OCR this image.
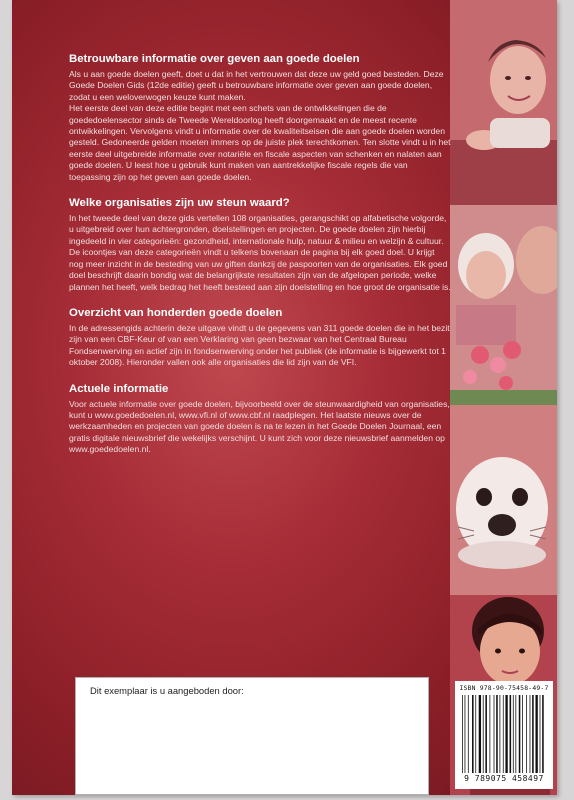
Betrouwbare informatie over geven aan goede doelen

Als u aan goede doelen geeft, doet u dat in het vertrouwen dat deze uw geld goed besteden. Deze Goede Doelen Gids (12de editie) geeft u betrouwbare informatie over geven aan goede doelen, zodat u een weloverwogen keuze kunt maken.

Het eerste deel van deze editie begint met een schets van de ontwikkelingen die de goededoelensector sinds de Tweede Wereldoorlog heeft doorgemaakt en de meest recente ontwikkelingen. Vervolgens vindt u informatie over de kwaliteitseisen die aan goede doelen worden gesteld. Gedoneerde gelden moeten immers op de juiste plek terechtkomen. Ten slotte vindt u in het eerste deel uitgebreide informatie over notariële en fiscale aspecten van schenken en nalaten aan goede doelen. U leest hoe u gebruik kunt maken van aantrekkelijke fiscale regels die van toepassing zijn op het geven aan goede doelen.

Welke organisaties zijn uw steun waard?

In het tweede deel van deze gids vertellen 108 organisaties, gerangschikt op alfabetische volgorde, u uitgebreid over hun achtergronden, doelstellingen en projecten. De goede doelen zijn hierbij ingedeeld in vier categorieën: gezondheid, internationale hulp, natuur & milieu en welzijn & cultuur. De icoontjes van deze categorieën vindt u telkens bovenaan de pagina bij elk goed doel. U krijgt nog meer inzicht in de besteding van uw giften dankzij de paspoorten van de organisaties. Elk goed doel beschrijft daarin bondig wat de belangrijkste resultaten zijn van de afgelopen periode, welke plannen het heeft, welk bedrag het heeft besteed aan zijn doelstelling en hoe groot de organisatie is.

Overzicht van honderden goede doelen

In de adressengids achterin deze uitgave vindt u de gegevens van 311 goede doelen die in het bezit zijn van een CBF-Keur of van een Verklaring van geen bezwaar van het Centraal Bureau Fondsenwerving en actief zijn in fondsenwerving onder het publiek (de informatie is bijgewerkt tot 1 oktober 2008). Hieronder vallen ook alle organisaties die lid zijn van de VFI.

Actuele informatie

Voor actuele informatie over goede doelen, bijvoorbeeld over de steunwaardigheid van organisaties, kunt u www.goededoelen.nl, www.vfi.nl of www.cbf.nl raadplegen. Het laatste nieuws over de werkzaamheden en projecten van goede doelen is na te lezen in het Goede Doelen Journaal, een gratis digitale nieuwsbrief die wekelijks verschijnt. U kunt zich voor deze nieuwsbrief aanmelden op www.goededoelen.nl.

Dit exemplaar is u aangeboden door:	ISBN 978-90-75458-49-7
9 789075 458497
